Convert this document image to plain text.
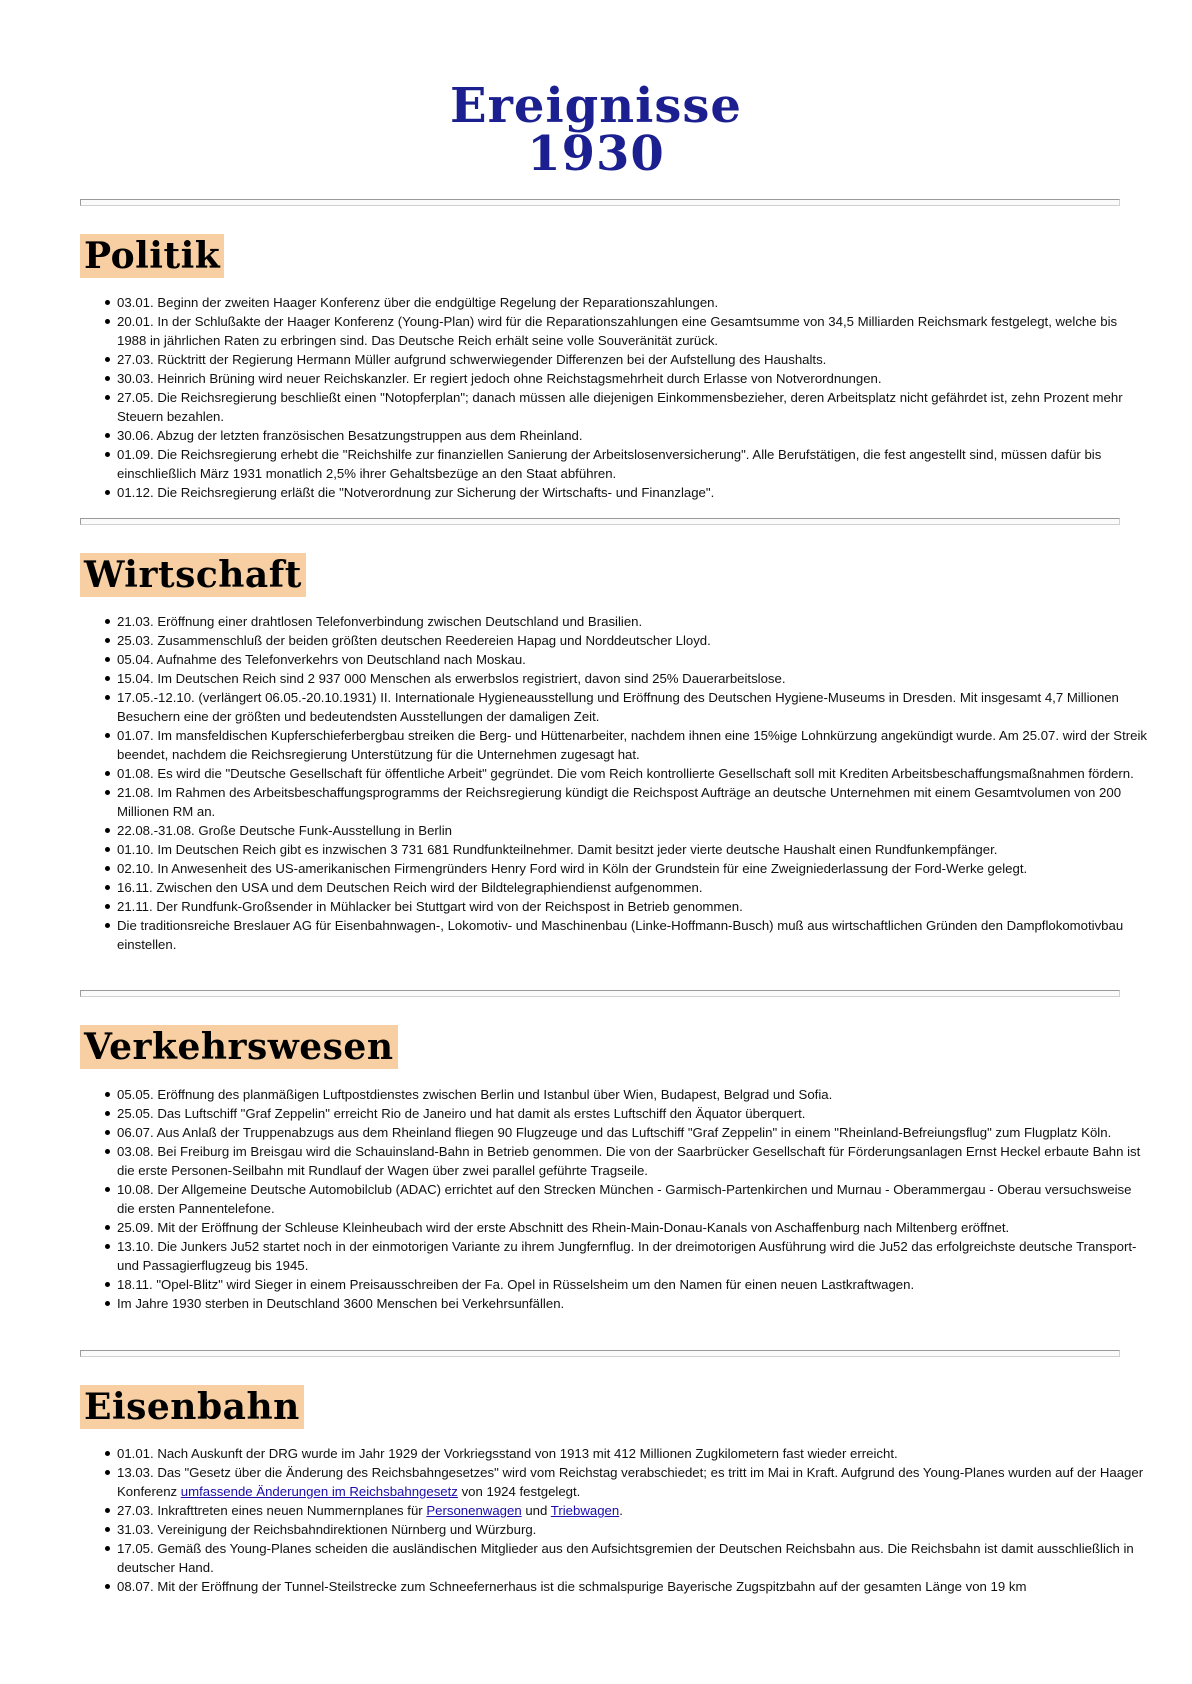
Ereignisse
1930
Politik
03.01. Beginn der zweiten Haager Konferenz über die endgültige Regelung der Reparationszahlungen.
20.01. In der Schlußakte der Haager Konferenz (Young-Plan) wird für die Reparationszahlungen eine Gesamtsumme von 34,5 Milliarden Reichsmark festgelegt, welche bis 1988 in jährlichen Raten zu erbringen sind. Das Deutsche Reich erhält seine volle Souveränität zurück.
27.03. Rücktritt der Regierung Hermann Müller aufgrund schwerwiegender Differenzen bei der Aufstellung des Haushalts.
30.03. Heinrich Brüning wird neuer Reichskanzler. Er regiert jedoch ohne Reichstagsmehrheit durch Erlasse von Notverordnungen.
27.05. Die Reichsregierung beschließt einen "Notopferplan"; danach müssen alle diejenigen Einkommensbezieher, deren Arbeitsplatz nicht gefährdet ist, zehn Prozent mehr Steuern bezahlen.
30.06. Abzug der letzten französischen Besatzungstruppen aus dem Rheinland.
01.09. Die Reichsregierung erhebt die "Reichshilfe zur finanziellen Sanierung der Arbeitslosenversicherung". Alle Berufstätigen, die fest angestellt sind, müssen dafür bis einschließlich März 1931 monatlich 2,5% ihrer Gehaltsbezüge an den Staat abführen.
01.12. Die Reichsregierung erläßt die "Notverordnung zur Sicherung der Wirtschafts- und Finanzlage".
Wirtschaft
21.03. Eröffnung einer drahtlosen Telefonverbindung zwischen Deutschland und Brasilien.
25.03. Zusammenschluß der beiden größten deutschen Reedereien Hapag und Norddeutscher Lloyd.
05.04. Aufnahme des Telefonverkehrs von Deutschland nach Moskau.
15.04. Im Deutschen Reich sind 2 937 000 Menschen als erwerbslos registriert, davon sind 25% Dauerarbeitslose.
17.05.-12.10. (verlängert 06.05.-20.10.1931) II. Internationale Hygieneausstellung und Eröffnung des Deutschen Hygiene-Museums in Dresden. Mit insgesamt 4,7 Millionen Besuchern eine der größten und bedeutendsten Ausstellungen der damaligen Zeit.
01.07. Im mansfeldischen Kupferschieferbergbau streiken die Berg- und Hüttenarbeiter, nachdem ihnen eine 15%ige Lohnkürzung angekündigt wurde. Am 25.07. wird der Streik beendet, nachdem die Reichsregierung Unterstützung für die Unternehmen zugesagt hat.
01.08. Es wird die "Deutsche Gesellschaft für öffentliche Arbeit" gegründet. Die vom Reich kontrollierte Gesellschaft soll mit Krediten Arbeitsbeschaffungsmaßnahmen fördern.
21.08. Im Rahmen des Arbeitsbeschaffungsprogramms der Reichsregierung kündigt die Reichspost Aufträge an deutsche Unternehmen mit einem Gesamtvolumen von 200 Millionen RM an.
22.08.-31.08. Große Deutsche Funk-Ausstellung in Berlin
01.10. Im Deutschen Reich gibt es inzwischen 3 731 681 Rundfunkteilnehmer. Damit besitzt jeder vierte deutsche Haushalt einen Rundfunkempfänger.
02.10. In Anwesenheit des US-amerikanischen Firmengründers Henry Ford wird in Köln der Grundstein für eine Zweigniederlassung der Ford-Werke gelegt.
16.11. Zwischen den USA und dem Deutschen Reich wird der Bildtelegraphiendienst aufgenommen.
21.11. Der Rundfunk-Großsender in Mühlacker bei Stuttgart wird von der Reichspost in Betrieb genommen.
Die traditionsreiche Breslauer AG für Eisenbahnwagen-, Lokomotiv- und Maschinenbau (Linke-Hoffmann-Busch) muß aus wirtschaftlichen Gründen den Dampflokomotivbau einstellen.
Verkehrswesen
05.05. Eröffnung des planmäßigen Luftpostdienstes zwischen Berlin und Istanbul über Wien, Budapest, Belgrad und Sofia.
25.05. Das Luftschiff "Graf Zeppelin" erreicht Rio de Janeiro und hat damit als erstes Luftschiff den Äquator überquert.
06.07. Aus Anlaß der Truppenabzugs aus dem Rheinland fliegen 90 Flugzeuge und das Luftschiff "Graf Zeppelin" in einem "Rheinland-Befreiungsflug" zum Flugplatz Köln.
03.08. Bei Freiburg im Breisgau wird die Schauinsland-Bahn in Betrieb genommen. Die von der Saarbrücker Gesellschaft für Förderungsanlagen Ernst Heckel erbaute Bahn ist die erste Personen-Seilbahn mit Rundlauf der Wagen über zwei parallel geführte Tragseile.
10.08. Der Allgemeine Deutsche Automobilclub (ADAC) errichtet auf den Strecken München - Garmisch-Partenkirchen und Murnau - Oberammergau - Oberau versuchsweise die ersten Pannentelefone.
25.09. Mit der Eröffnung der Schleuse Kleinheubach wird der erste Abschnitt des Rhein-Main-Donau-Kanals von Aschaffenburg nach Miltenberg eröffnet.
13.10. Die Junkers Ju52 startet noch in der einmotorigen Variante zu ihrem Jungfernflug. In der dreimotorigen Ausführung wird die Ju52 das erfolgreichste deutsche Transport- und Passagierflugzeug bis 1945.
18.11. "Opel-Blitz" wird Sieger in einem Preisausschreiben der Fa. Opel in Rüsselsheim um den Namen für einen neuen Lastkraftwagen.
Im Jahre 1930 sterben in Deutschland 3600 Menschen bei Verkehrsunfällen.
Eisenbahn
01.01. Nach Auskunft der DRG wurde im Jahr 1929 der Vorkriegsstand von 1913 mit 412 Millionen Zugkilometern fast wieder erreicht.
13.03. Das "Gesetz über die Änderung des Reichsbahngesetzes" wird vom Reichstag verabschiedet; es tritt im Mai in Kraft. Aufgrund des Young-Planes wurden auf der Haager Konferenz umfassende Änderungen im Reichsbahngesetz von 1924 festgelegt.
27.03. Inkrafttreten eines neuen Nummernplanes für Personenwagen und Triebwagen.
31.03. Vereinigung der Reichsbahndirektionen Nürnberg und Würzburg.
17.05. Gemäß des Young-Planes scheiden die ausländischen Mitglieder aus den Aufsichtsgremien der Deutschen Reichsbahn aus. Die Reichsbahn ist damit ausschließlich in deutscher Hand.
08.07. Mit der Eröffnung der Tunnel-Steilstrecke zum Schneefernerhaus ist die schmalspurige Bayerische Zugspitzbahn auf der gesamten Länge von 19 km
